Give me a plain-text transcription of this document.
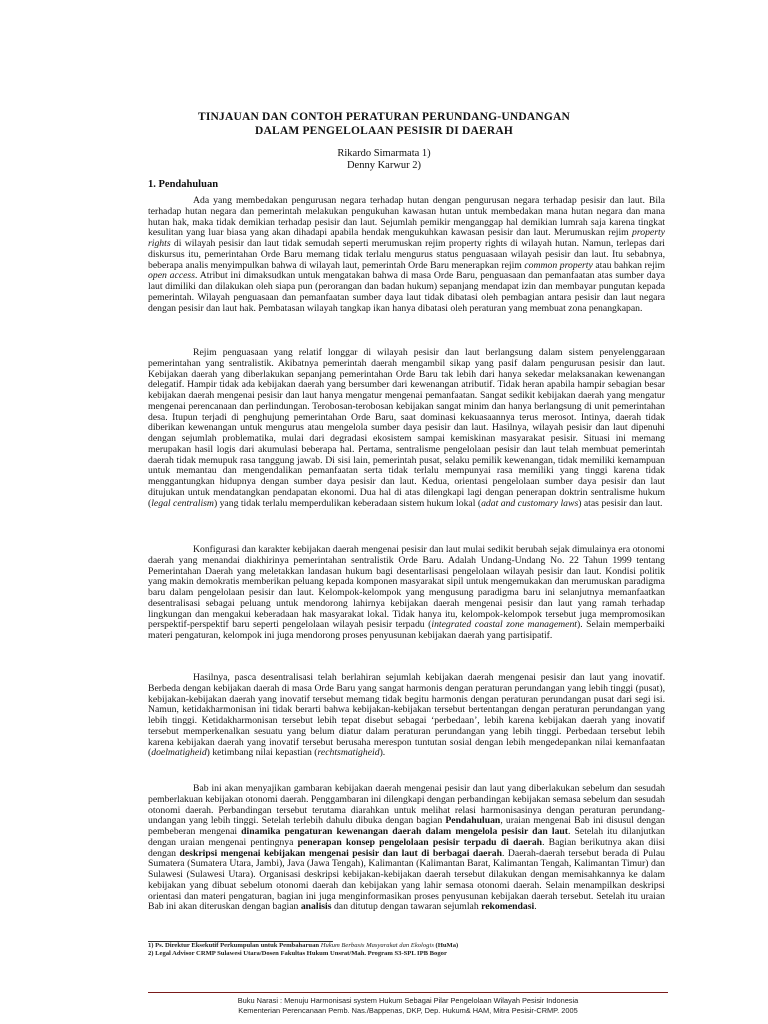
TINJAUAN DAN CONTOH PERATURAN PERUNDANG-UNDANGAN
DALAM PENGELOLAAN PESISIR DI DAERAH
Rikardo Simarmata 1)
Denny Karwur 2)
1. Pendahuluan

Ada yang membedakan pengurusan negara terhadap hutan dengan pengurusan negara terhadap pesisir dan laut. Bila terhadap hutan negara dan pemerintah melakukan pengukuhan kawasan hutan untuk membedakan mana hutan negara dan mana hutan hak, maka tidak demikian terhadap pesisir dan laut. Sejumlah pemikir menganggap hal demikian lumrah saja karena tingkat kesulitan yang luar biasa yang akan dihadapi apabila hendak mengukuhkan kawasan pesisir dan laut. Merumuskan rejim property rights di wilayah pesisir dan laut tidak semudah seperti merumuskan rejim property rights di wilayah hutan. Namun, terlepas dari diskursus itu, pemerintahan Orde Baru memang tidak terlalu mengurus status penguasaan wilayah pesisir dan laut. Itu sebabnya, beberapa analis menyimpulkan bahwa di wilayah laut, pemerintah Orde Baru menerapkan rejim common property atau bahkan rejim open access. Atribut ini dimaksudkan untuk mengatakan bahwa di masa Orde Baru, penguasaan dan pemanfaatan atas sumber daya laut dimiliki dan dilakukan oleh siapa pun (perorangan dan badan hukum) sepanjang mendapat izin dan membayar pungutan kepada pemerintah. Wilayah penguasaan dan pemanfaatan sumber daya laut tidak dibatasi oleh pembagian antara pesisir dan laut negara dengan pesisir dan laut hak. Pembatasan wilayah tangkap ikan hanya dibatasi oleh peraturan yang membuat zona penangkapan.

Rejim penguasaan yang relatif longgar di wilayah pesisir dan laut berlangsung dalam sistem penyelenggaraan pemerintahan yang sentralistik. Akibatnya pemerintah daerah mengambil sikap yang pasif dalam pengurusan pesisir dan laut. Kebijakan daerah yang diberlakukan sepanjang pemerintahan Orde Baru tak lebih dari hanya sekedar melaksanakan kewenangan delegatif. Hampir tidak ada kebijakan daerah yang bersumber dari kewenangan atributif. Tidak heran apabila hampir sebagian besar kebijakan daerah mengenai pesisir dan laut hanya mengatur mengenai pemanfaatan. Sangat sedikit kebijakan daerah yang mengatur mengenai perencanaan dan perlindungan. Terobosan-terobosan kebijakan sangat minim dan hanya berlangsung di unit pemerintahan desa. Itupun terjadi di penghujung pemerintahan Orde Baru, saat dominasi kekuasaannya terus merosot. Intinya, daerah tidak diberikan kewenangan untuk mengurus atau mengelola sumber daya pesisir dan laut. Hasilnya, wilayah pesisir dan laut dipenuhi dengan sejumlah problematika, mulai dari degradasi ekosistem sampai kemiskinan masyarakat pesisir. Situasi ini memang merupakan hasil logis dari akumulasi beberapa hal. Pertama, sentralisme pengelolaan pesisir dan laut telah membuat pemerintah daerah tidak memupuk rasa tanggung jawab. Di sisi lain, pemerintah pusat, selaku pemilik kewenangan, tidak memiliki kemampuan untuk memantau dan mengendalikan pemanfaatan serta tidak terlalu mempunyai rasa memiliki yang tinggi karena tidak menggantungkan hidupnya dengan sumber daya pesisir dan laut. Kedua, orientasi pengelolaan sumber daya pesisir dan laut ditujukan untuk mendatangkan pendapatan ekonomi. Dua hal di atas dilengkapi lagi dengan penerapan doktrin sentralisme hukum (legal centralism) yang tidak terlalu memperdulikan keberadaan sistem hukum lokal (adat and customary laws) atas pesisir dan laut.

Konfigurasi dan karakter kebijakan daerah mengenai pesisir dan laut mulai sedikit berubah sejak dimulainya era otonomi daerah yang menandai diakhirinya pemerintahan sentralistik Orde Baru. Adalah Undang-Undang No. 22 Tahun 1999 tentang Pemerintahan Daerah yang meletakkan landasan hukum bagi desentarlisasi pengelolaan wilayah pesisir dan laut. Kondisi politik yang makin demokratis memberikan peluang kepada komponen masyarakat sipil untuk mengemukakan dan merumuskan paradigma baru dalam pengelolaan pesisir dan laut. Kelompok-kelompok yang mengusung paradigma baru ini selanjutnya memanfaatkan desentralisasi sebagai peluang untuk mendorong lahirnya kebijakan daerah mengenai pesisir dan laut yang ramah terhadap lingkungan dan mengakui keberadaan hak masyarakat lokal. Tidak hanya itu, kelompok-kelompok tersebut juga mempromosikan perspektif-perspektif baru seperti pengelolaan wilayah pesisir terpadu (integrated coastal zone management). Selain memperbaiki materi pengaturan, kelompok ini juga mendorong proses penyusunan kebijakan daerah yang partisipatif.

Hasilnya, pasca desentralisasi telah berlahiran sejumlah kebijakan daerah mengenai pesisir dan laut yang inovatif. Berbeda dengan kebijakan daerah di masa Orde Baru yang sangat harmonis dengan peraturan perundangan yang lebih tinggi (pusat), kebijakan-kebijakan daerah yang inovatif tersebut memang tidak begitu harmonis dengan peraturan perundangan pusat dari segi isi. Namun, ketidakharmonisan ini tidak berarti bahwa kebijakan-kebijakan tersebut bertentangan dengan peraturan perundangan yang lebih tinggi. Ketidakharmonisan tersebut lebih tepat disebut sebagai ‘perbedaan’, lebih karena kebijakan daerah yang inovatif tersebut memperkenalkan sesuatu yang belum diatur dalam peraturan perundangan yang lebih tinggi. Perbedaan tersebut lebih karena kebijakan daerah yang inovatif tersebut berusaha merespon tuntutan sosial dengan lebih mengedepankan nilai kemanfaatan (doelmatigheid) ketimbang nilai kepastian (rechtsmatigheid).

Bab ini akan menyajikan gambaran kebijakan daerah mengenai pesisir dan laut yang diberlakukan sebelum dan sesudah pemberlakuan kebijakan otonomi daerah. Penggambaran ini dilengkapi dengan perbandingan kebijakan semasa sebelum dan sesudah otonomi daerah. Perbandingan tersebut terutama diarahkan untuk melihat relasi harmonisasinya dengan peraturan perundang-undangan yang lebih tinggi. Setelah terlebih dahulu dibuka dengan bagian Pendahuluan, uraian mengenai Bab ini disusul dengan pembeberan mengenai dinamika pengaturan kewenangan daerah dalam mengelola pesisir dan laut. Setelah itu dilanjutkan dengan uraian mengenai pentingnya penerapan konsep pengelolaan pesisir terpadu di daerah. Bagian berikutnya akan diisi dengan deskripsi mengenai kebijakan mengenai pesisir dan laut di berbagai daerah. Daerah-daerah tersebut berada di Pulau Sumatera (Sumatera Utara, Jambi), Java (Jawa Tengah), Kalimantan (Kalimantan Barat, Kalimantan Tengah, Kalimantan Timur) dan Sulawesi (Sulawesi Utara). Organisasi deskripsi kebijakan-kebijakan daerah tersebut dilakukan dengan memisahkannya ke dalam kebijakan yang dibuat sebelum otonomi daerah dan kebijakan yang lahir semasa otonomi daerah. Selain menampilkan deskripsi orientasi dan materi pengaturan, bagian ini juga menginformasikan proses penyusunan kebijakan daerah tersebut. Setelah itu uraian Bab ini akan diteruskan dengan bagian analisis dan ditutup dengan tawaran sejumlah rekomendasi.

1) Ps. Direktur Eksekutif Perkumpulan untuk Pembaharuan Hukum Berbasis Masyarakat dan Ekologis (HuMa)
2) Legal Advisor CRMP Sulawesi Utara/Dosen Fakultas Hukum Unsrat/Mah. Program S3-SPL IPB Bogor
Buku Narasi : Menuju Harmonisasi system Hukum Sebagai Pilar Pengelolaan Wilayah Pesisir Indonesia
Kementerian Perencanaan Pemb. Nas./Bappenas, DKP, Dep. Hukum& HAM, Mitra Pesisir-CRMP. 2005
